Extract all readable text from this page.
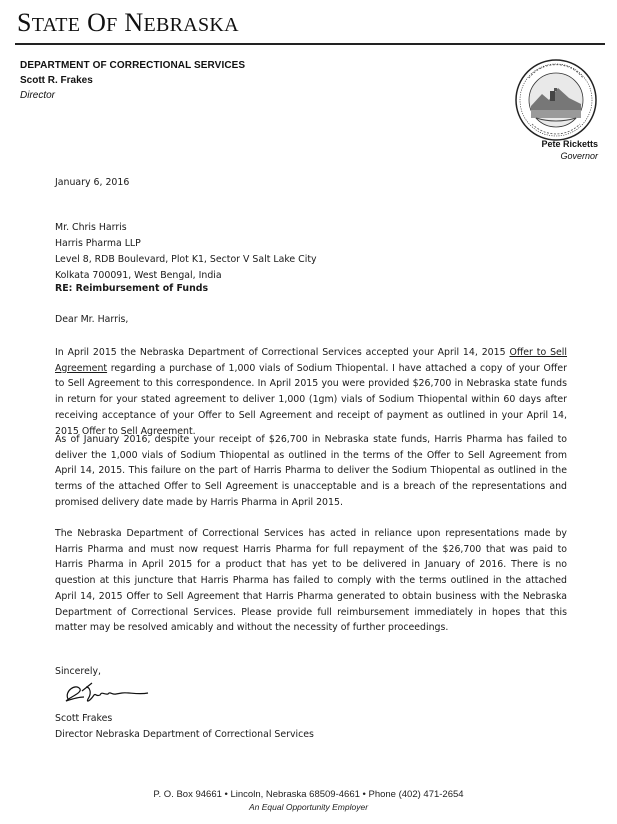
STATE OF NEBRASKA
DEPARTMENT OF CORRECTIONAL SERVICES
Scott R. Frakes
Director
Pete Ricketts
Governor
January 6, 2016
Mr. Chris Harris
Harris Pharma LLP
Level 8, RDB Boulevard, Plot K1, Sector V Salt Lake City
Kolkata 700091, West Bengal, India
RE: Reimbursement of Funds
Dear Mr. Harris,
In April 2015 the Nebraska Department of Correctional Services accepted your April 14, 2015 Offer to Sell Agreement regarding a purchase of 1,000 vials of Sodium Thiopental. I have attached a copy of your Offer to Sell Agreement to this correspondence. In April 2015 you were provided $26,700 in Nebraska state funds in return for your stated agreement to deliver 1,000 (1gm) vials of Sodium Thiopental within 60 days after receiving acceptance of your Offer to Sell Agreement and receipt of payment as outlined in your April 14, 2015 Offer to Sell Agreement.
As of January 2016, despite your receipt of $26,700 in Nebraska state funds, Harris Pharma has failed to deliver the 1,000 vials of Sodium Thiopental as outlined in the terms of the Offer to Sell Agreement from April 14, 2015. This failure on the part of Harris Pharma to deliver the Sodium Thiopental as outlined in the terms of the attached Offer to Sell Agreement is unacceptable and is a breach of the representations and promised delivery date made by Harris Pharma in April 2015.
The Nebraska Department of Correctional Services has acted in reliance upon representations made by Harris Pharma and must now request Harris Pharma for full repayment of the $26,700 that was paid to Harris Pharma in April 2015 for a product that has yet to be delivered in January of 2016. There is no question at this juncture that Harris Pharma has failed to comply with the terms outlined in the attached April 14, 2015 Offer to Sell Agreement that Harris Pharma generated to obtain business with the Nebraska Department of Correctional Services. Please provide full reimbursement immediately in hopes that this matter may be resolved amicably and without the necessity of further proceedings.
Sincerely,
Scott Frakes
Director Nebraska Department of Correctional Services
P. O. Box 94661 • Lincoln, Nebraska 68509-4661 • Phone (402) 471-2654
An Equal Opportunity Employer
